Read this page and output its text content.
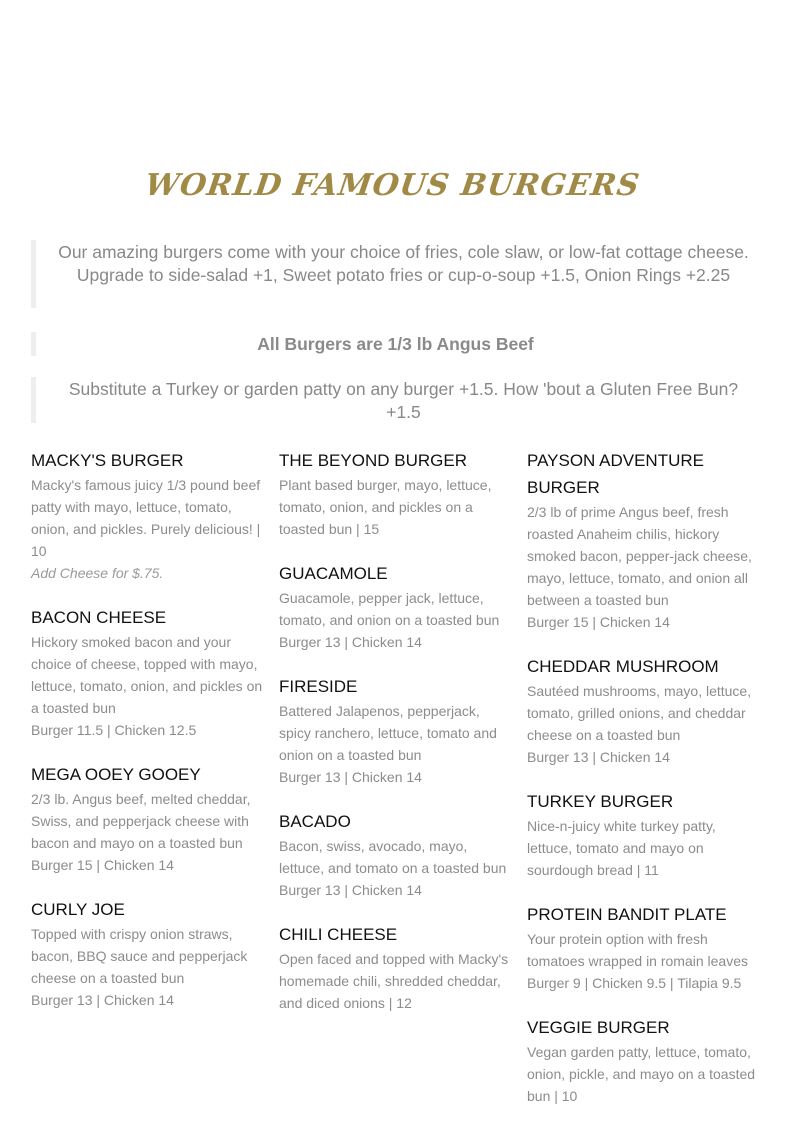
WORLD FAMOUS BURGERS
Our amazing burgers come with your choice of fries, cole slaw, or low-fat cottage cheese. Upgrade to side-salad +1, Sweet potato fries or cup-o-soup +1.5, Onion Rings +2.25
All Burgers are 1/3 lb Angus Beef
Substitute a Turkey or garden patty on any burger +1.5. How 'bout a Gluten Free Bun? +1.5
MACKY'S BURGER
Macky's famous juicy 1/3 pound beef patty with mayo, lettuce, tomato, onion, and pickles. Purely delicious! | 10
Add Cheese for $.75.
BACON CHEESE
Hickory smoked bacon and your choice of cheese, topped with mayo, lettuce, tomato, onion, and pickles on a toasted bun
Burger 11.5 | Chicken 12.5
MEGA OOEY GOOEY
2/3 lb. Angus beef, melted cheddar, Swiss, and pepperjack cheese with bacon and mayo on a toasted bun
Burger 15 | Chicken 14
CURLY JOE
Topped with crispy onion straws, bacon, BBQ sauce and pepperjack cheese on a toasted bun
Burger 13 | Chicken 14
THE BEYOND BURGER
Plant based burger, mayo, lettuce, tomato, onion, and pickles on a toasted bun | 15
GUACAMOLE
Guacamole, pepper jack, lettuce, tomato, and onion on a toasted bun
Burger 13 | Chicken 14
FIRESIDE
Battered Jalapenos, pepperjack, spicy ranchero, lettuce, tomato and onion on a toasted bun
Burger 13 | Chicken 14
BACADO
Bacon, swiss, avocado, mayo, lettuce, and tomato on a toasted bun
Burger 13 | Chicken 14
CHILI CHEESE
Open faced and topped with Macky's homemade chili, shredded cheddar, and diced onions | 12
PAYSON ADVENTURE BURGER
2/3 lb of prime Angus beef, fresh roasted Anaheim chilis, hickory smoked bacon, pepper-jack cheese, mayo, lettuce, tomato, and onion all between a toasted bun
Burger 15 | Chicken 14
CHEDDAR MUSHROOM
Sautéed mushrooms, mayo, lettuce, tomato, grilled onions, and cheddar cheese on a toasted bun
Burger 13 | Chicken 14
TURKEY BURGER
Nice-n-juicy white turkey patty, lettuce, tomato and mayo on sourdough bread | 11
PROTEIN BANDIT PLATE
Your protein option with fresh tomatoes wrapped in romain leaves
Burger 9 | Chicken 9.5 | Tilapia 9.5
VEGGIE BURGER
Vegan garden patty, lettuce, tomato, onion, pickle, and mayo on a toasted bun | 10
